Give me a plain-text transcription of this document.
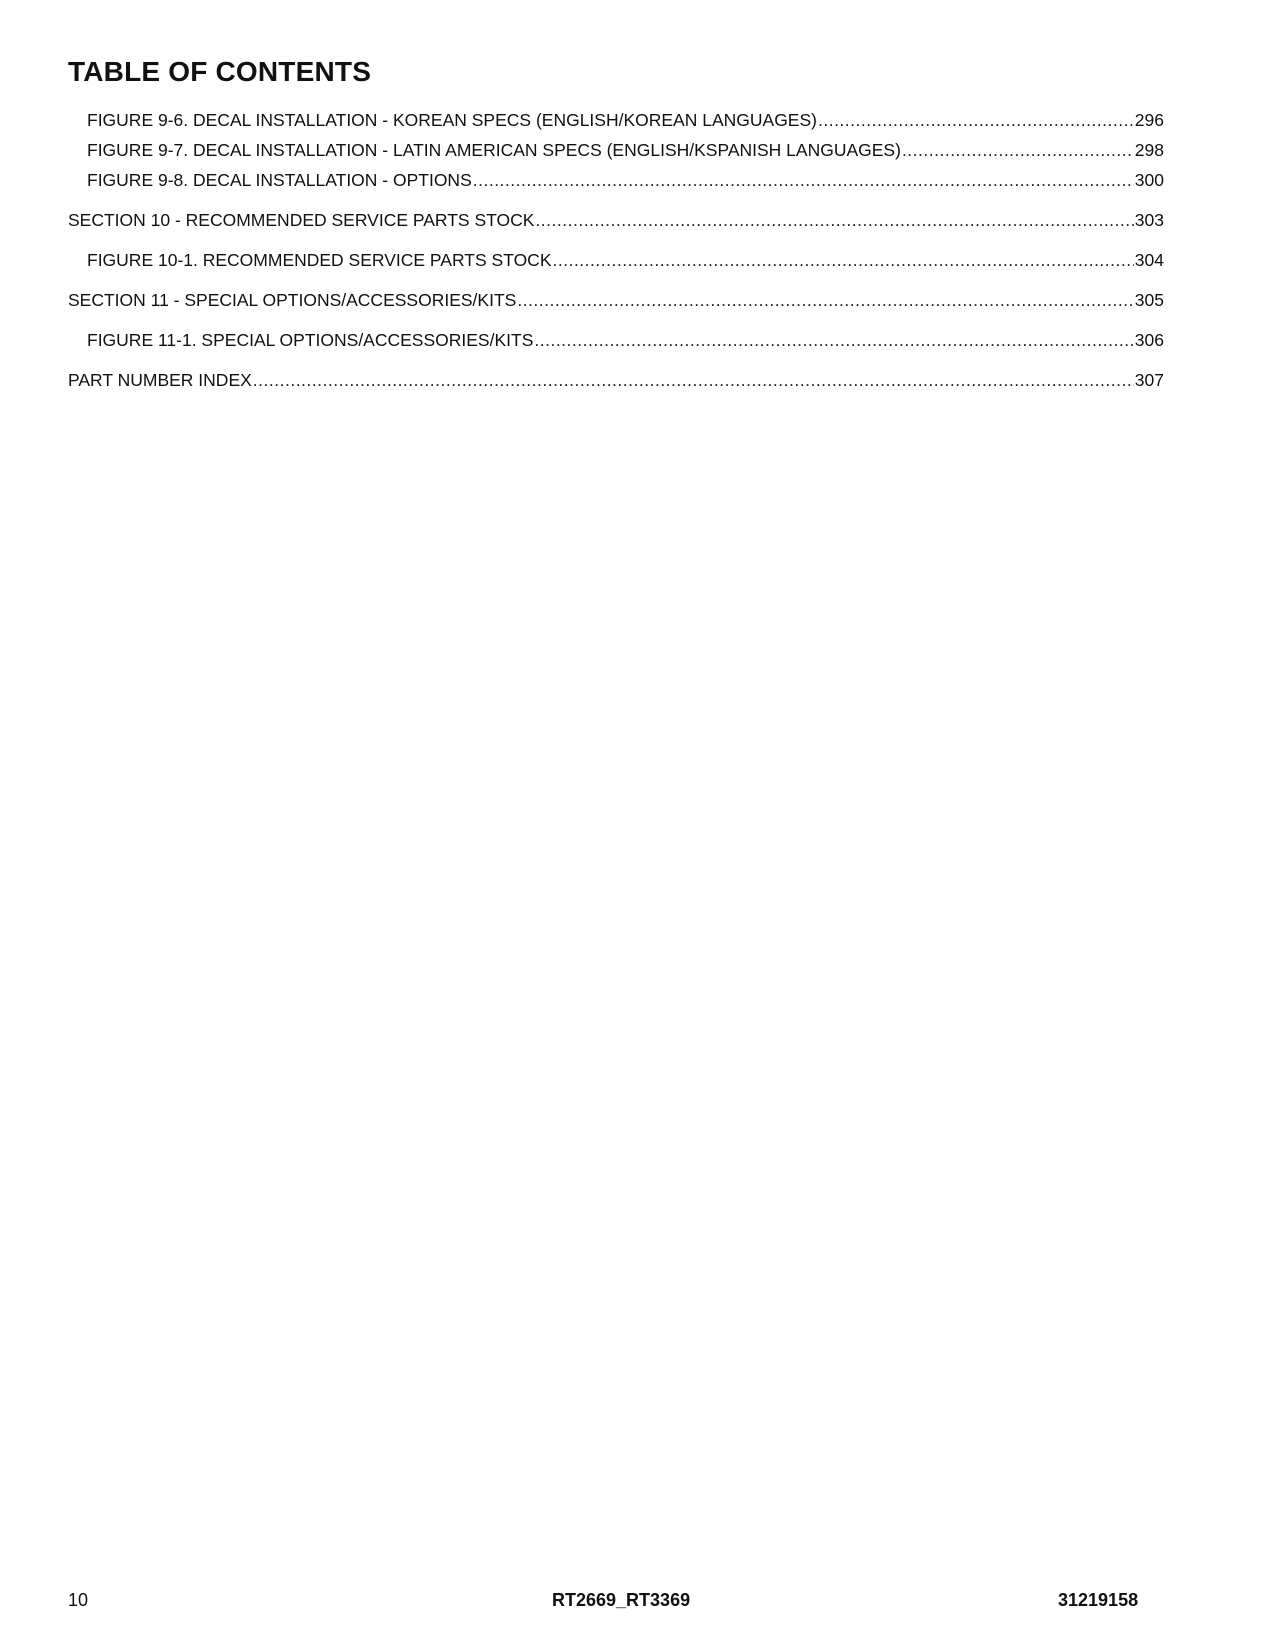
TABLE OF CONTENTS
FIGURE 9-6. DECAL INSTALLATION - KOREAN SPECS (ENGLISH/KOREAN LANGUAGES) .....	296
FIGURE 9-7. DECAL INSTALLATION - LATIN AMERICAN SPECS (ENGLISH/KSPANISH LANGUAGES) .....	298
FIGURE 9-8. DECAL INSTALLATION - OPTIONS .....	300
SECTION 10 - RECOMMENDED SERVICE PARTS STOCK .....	303
FIGURE 10-1. RECOMMENDED SERVICE PARTS STOCK .....	304
SECTION 11 - SPECIAL OPTIONS/ACCESSORIES/KITS .....	305
FIGURE 11-1. SPECIAL OPTIONS/ACCESSORIES/KITS .....	306
PART NUMBER INDEX .....	307
10	RT2669_RT3369	31219158
